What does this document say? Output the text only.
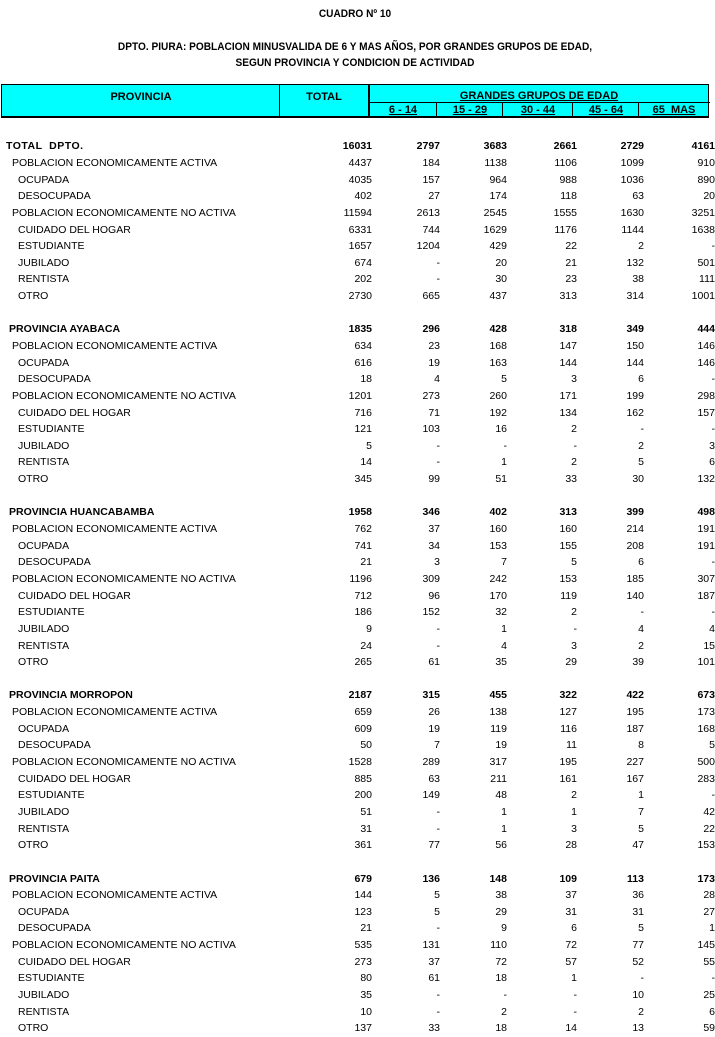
CUADRO Nº 10
DPTO. PIURA: POBLACION MINUSVALIDA DE 6 Y MAS AÑOS, POR GRANDES GRUPOS DE EDAD,
SEGUN PROVINCIA Y CONDICION DE ACTIVIDAD
PROVINCIA	TOTAL	GRANDES GRUPOS DE EDAD
6 - 14	15 - 29	30 - 44	45 - 64	65  MAS
TOTAL  DPTO.	16031	2797	3683	2661	2729	4161
POBLACION ECONOMICAMENTE ACTIVA	4437	184	1138	1106	1099	910
OCUPADA	4035	157	964	988	1036	890
DESOCUPADA	402	27	174	118	63	20
POBLACION ECONOMICAMENTE NO ACTIVA	11594	2613	2545	1555	1630	3251
CUIDADO DEL HOGAR	6331	744	1629	1176	1144	1638
ESTUDIANTE	1657	1204	429	22	2	-
JUBILADO	674	-	20	21	132	501
RENTISTA	202	-	30	23	38	111
OTRO	2730	665	437	313	314	1001

PROVINCIA AYABACA	1835	296	428	318	349	444
POBLACION ECONOMICAMENTE ACTIVA	634	23	168	147	150	146
OCUPADA	616	19	163	144	144	146
DESOCUPADA	18	4	5	3	6	-
POBLACION ECONOMICAMENTE NO ACTIVA	1201	273	260	171	199	298
CUIDADO DEL HOGAR	716	71	192	134	162	157
ESTUDIANTE	121	103	16	2	-	-
JUBILADO	5	-	-	-	2	3
RENTISTA	14	-	1	2	5	6
OTRO	345	99	51	33	30	132

PROVINCIA HUANCABAMBA	1958	346	402	313	399	498
POBLACION ECONOMICAMENTE ACTIVA	762	37	160	160	214	191
OCUPADA	741	34	153	155	208	191
DESOCUPADA	21	3	7	5	6	-
POBLACION ECONOMICAMENTE NO ACTIVA	1196	309	242	153	185	307
CUIDADO DEL HOGAR	712	96	170	119	140	187
ESTUDIANTE	186	152	32	2	-	-
JUBILADO	9	-	1	-	4	4
RENTISTA	24	-	4	3	2	15
OTRO	265	61	35	29	39	101

PROVINCIA MORROPON	2187	315	455	322	422	673
POBLACION ECONOMICAMENTE ACTIVA	659	26	138	127	195	173
OCUPADA	609	19	119	116	187	168
DESOCUPADA	50	7	19	11	8	5
POBLACION ECONOMICAMENTE NO ACTIVA	1528	289	317	195	227	500
CUIDADO DEL HOGAR	885	63	211	161	167	283
ESTUDIANTE	200	149	48	2	1	-
JUBILADO	51	-	1	1	7	42
RENTISTA	31	-	1	3	5	22
OTRO	361	77	56	28	47	153

PROVINCIA PAITA	679	136	148	109	113	173
POBLACION ECONOMICAMENTE ACTIVA	144	5	38	37	36	28
OCUPADA	123	5	29	31	31	27
DESOCUPADA	21	-	9	6	5	1
POBLACION ECONOMICAMENTE NO ACTIVA	535	131	110	72	77	145
CUIDADO DEL HOGAR	273	37	72	57	52	55
ESTUDIANTE	80	61	18	1	-	-
JUBILADO	35	-	-	-	10	25
RENTISTA	10	-	2	-	2	6
OTRO	137	33	18	14	13	59
